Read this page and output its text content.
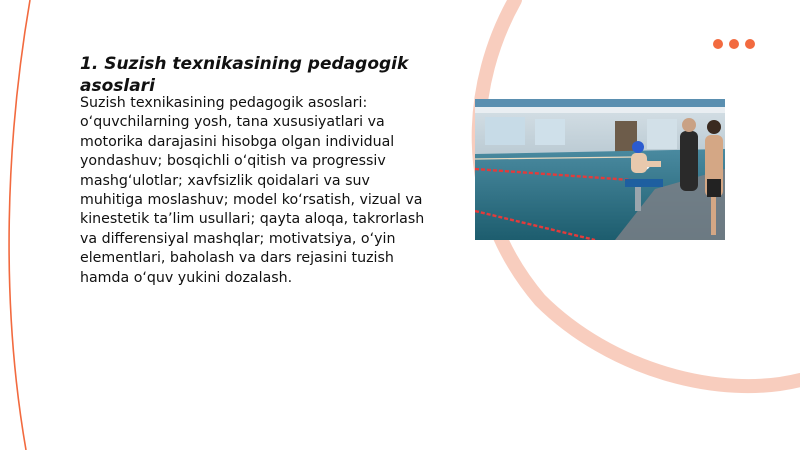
1. Suzish texnikasining pedagogik asoslari

Suzish texnikasining pedagogik asoslari: o‘quvchilarning yosh, tana xususiyatlari va motorika darajasini hisobga olgan individual yondashuv; bosqichli o‘qitish va progressiv mashg‘ulotlar; xavfsizlik qoidalari va suv muhitiga moslashuv; model ko‘rsatish, vizual va kinestetik ta’lim usullari; qayta aloqa, takrorlash va differensiyal mashqlar; motivatsiya, o‘yin elementlari, baholash va dars rejasini tuzish hamda o‘quv yukini dozalash.
